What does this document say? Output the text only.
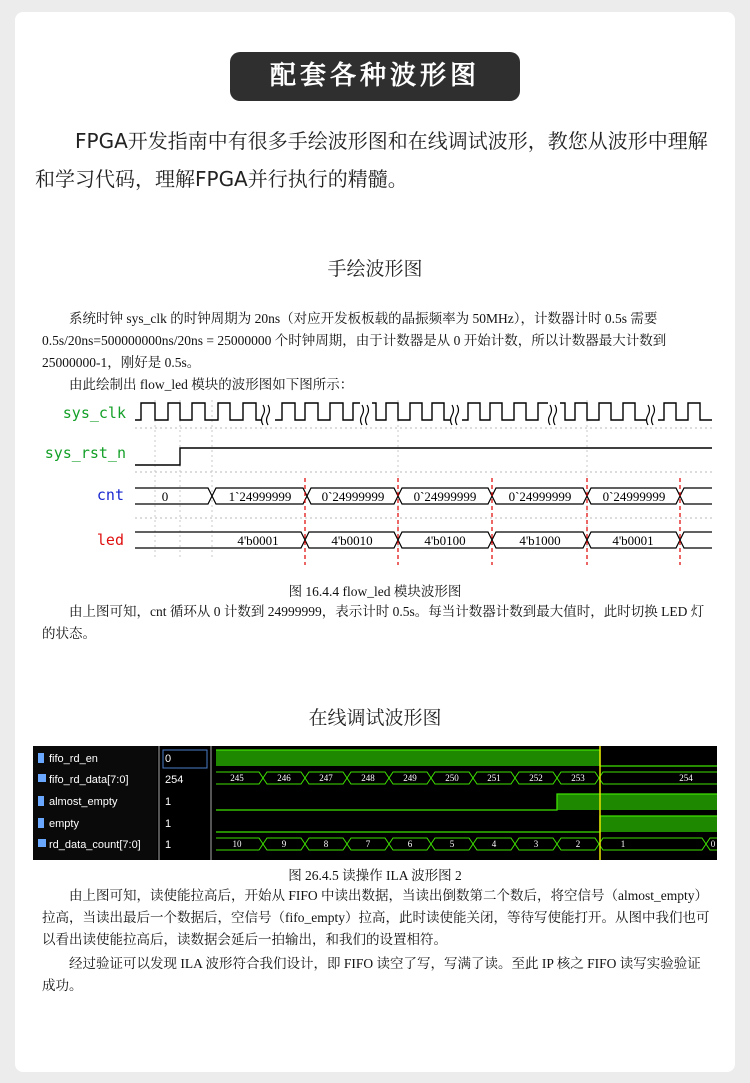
配套各种波形图

FPGA开发指南中有很多手绘波形图和在线调试波形，教您从波形中理解和学习代码，理解FPGA并行执行的精髓。

手绘波形图

系统时钟 sys_clk 的时钟周期为 20ns（对应开发板板载的晶振频率为 50MHz），计数器计时 0.5s 需要 0.5s/20ns=500000000ns/20ns = 25000000 个时钟周期，由于计数器是从 0 开始计数，所以计数器最大计数到 25000000-1，刚好是 0.5s。

由此绘制出 flow_led 模块的波形图如下图所示：

sys_clk
sys_rst_n
cnt
led
0	1`24999999 0`24999999 0`24999999 0`24999999 0`24999999
4'b0001	4'b0010	4'b0100	4'b1000	4'b0001
图 16.4.4 flow_led 模块波形图

由上图可知，cnt 循环从 0 计数到 24999999，表示计时 0.5s。每当计数器计数到最大值时，此时切换 LED 灯的状态。

在线调试波形图
fifo_rd_en
fifo_rd_data[7:0]
almost_empty
empty
rd_data_count[7:0]
0
254
1
1
1
245	246	247	248	249	250	251	252	253	254
10	9	8	7	6	5	4	3	2	1	0
图 26.4.5 读操作 ILA 波形图 2

由上图可知，读使能拉高后，开始从 FIFO 中读出数据，当读出倒数第二个数后，将空信号（almost_empty）拉高，当读出最后一个数据后，空信号（fifo_empty）拉高，此时读使能关闭，等待写使能打开。从图中我们也可以看出读使能拉高后，读数据会延后一拍输出，和我们的设置相符。

经过验证可以发现 ILA 波形符合我们设计，即 FIFO 读空了写，写满了读。至此 IP 核之 FIFO 读写实验验证成功。
